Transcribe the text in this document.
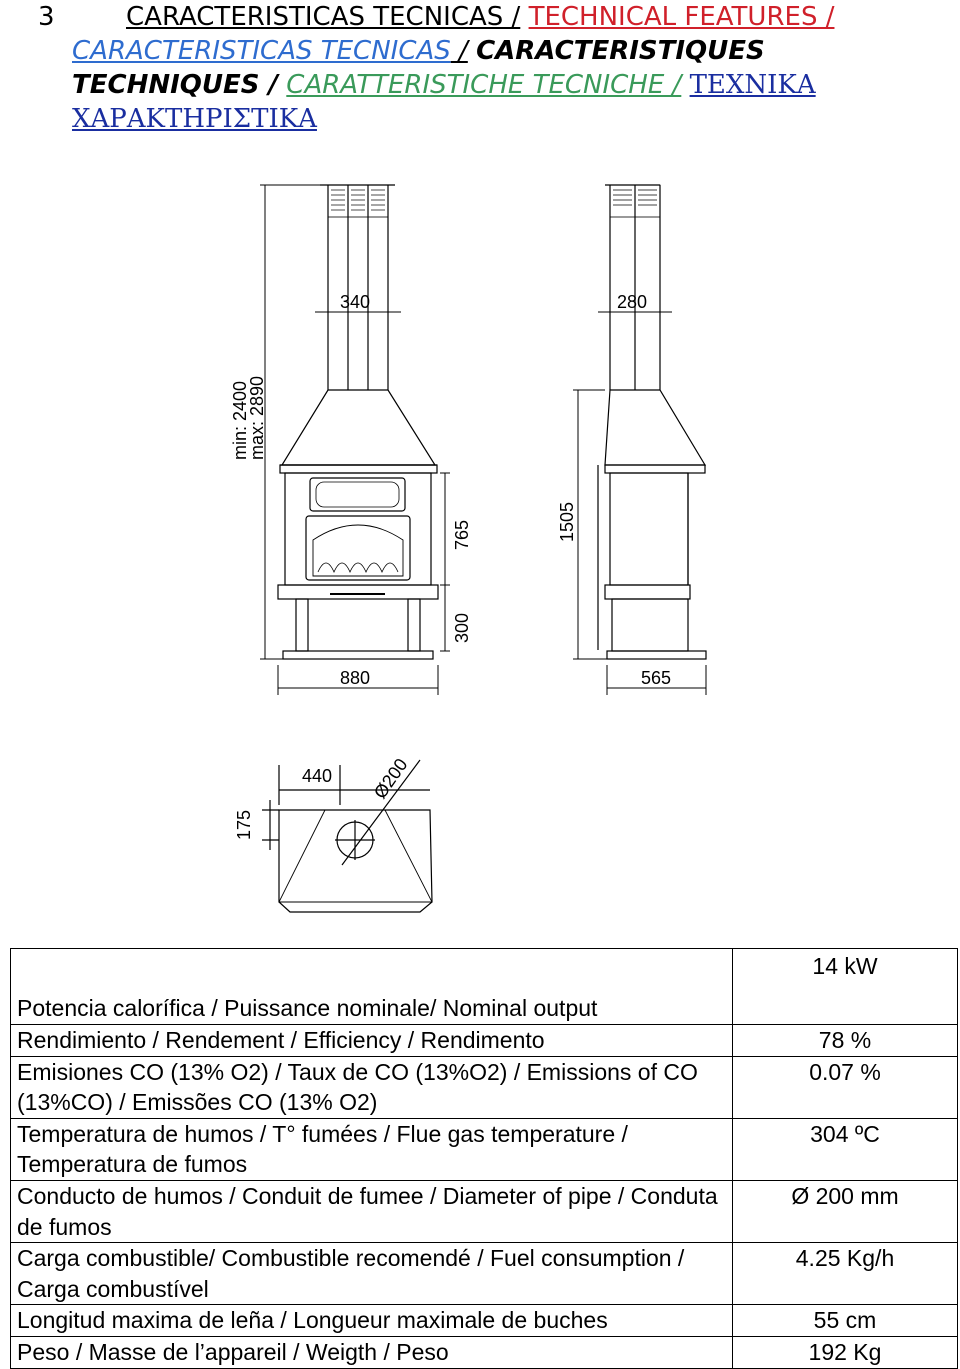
3	CARACTERISTICAS TECNICAS / TECHNICAL FEATURES /
CARACTERISTICAS TECNICAS / CARACTERISTIQUES
TECHNIQUES / CARATTERISTICHE TECNICHE / ΤΕΧΝΙΚΑ
ΧΑΡΑΚΤΗΡΙΣΤΙΚΑ
340	280
min: 2400
max: 2890
765	1505
300
880	565
440
175
Ø200
Potencia calorífica / Puissance nominale/ Nominal output	14 kW
Rendimiento / Rendement / Efficiency / Rendimento	78 %
Emisiones CO (13% O2) / Taux de CO (13%O2) / Emissions of CO (13%CO) / Emissões CO (13% O2)	0.07 %
Temperatura de humos / T° fumées / Flue gas temperature / Temperatura de fumos	304 ºC
Conducto de humos / Conduit de fumee / Diameter of pipe / Conduta de fumos	Ø 200 mm
Carga combustible/ Combustible recomendé / Fuel consumption / Carga combustível	4.25 Kg/h
Longitud maxima de leña / Longueur maximale de buches	55 cm
Peso / Masse de l’appareil / Weigth / Peso	192 Kg
